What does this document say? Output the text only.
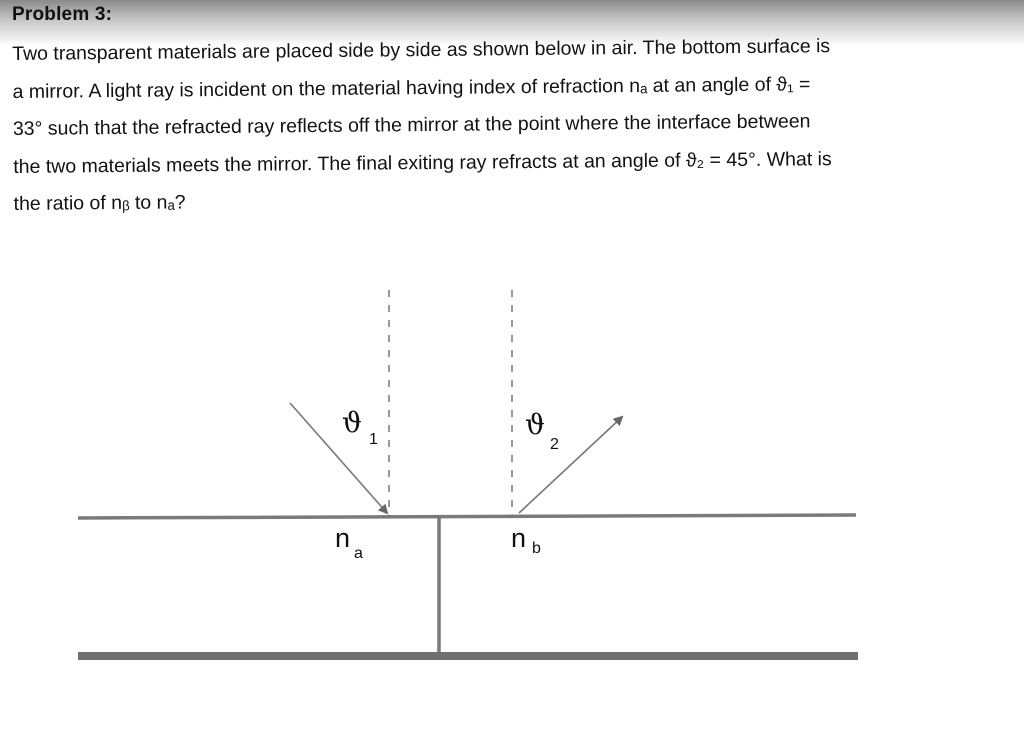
Problem 3:

Two transparent materials are placed side by side as shown below in air. The bottom surface is

a mirror. A light ray is incident on the material having index of refraction nₐ at an angle of ϑ₁ =

33° such that the refracted ray reflects off the mirror at the point where the interface between

the two materials meets the mirror. The final exiting ray refracts at an angle of ϑ₂ = 45°. What is

the ratio of nᵦ to nₐ?

ϑ
1	ϑ
2
n
a
n b
